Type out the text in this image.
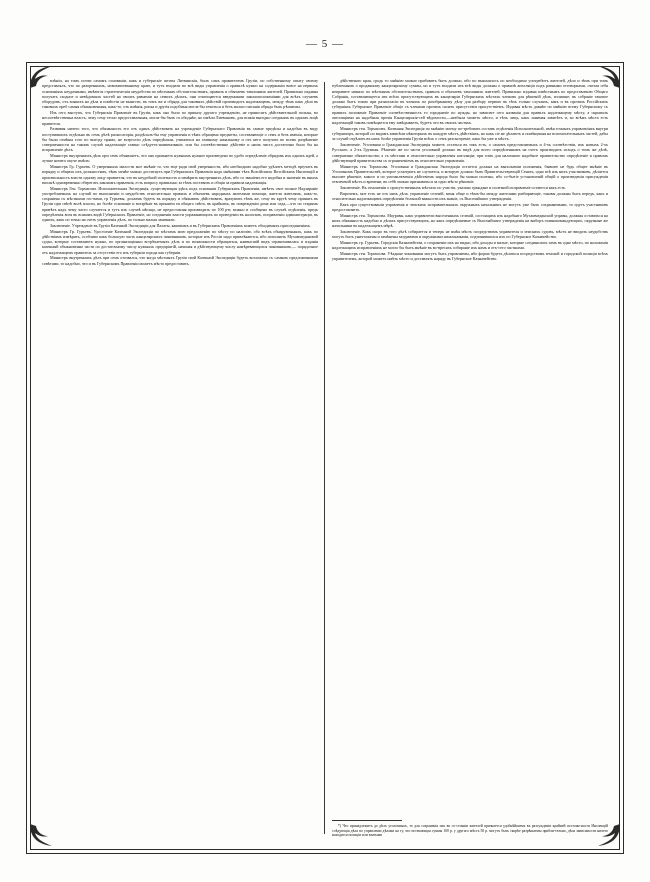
— 5 —

влѣнiи, на томъ почти самомъ основанiи, какъ и губернскiе штаты Литвинскiя, былъ самъ правителемъ Грузiи, по собственному опыту своему представлялъ, что по разореннымъ, новозавоеванному краю, и тутъ входили во всѣ виды управленiя о правилѣ нужно на содержанiи вовсе на первыхъ основанiяхъ неудачными, имѣются стратегическiя неудобства по мѣстнымъ обстоятельствамъ, правилъ и обычаевъ тамошнихъ жителей. Правильно издавна получать сходное и невѣдомыхъ частей на своихъ равненiи на семихъ дѣлахъ, они отягощаются введенными законоположенiями для всѣхъ случаевъ оборудовъ, отъ всякихъ на дѣла и помѣстiи не вынести, въ томъ же и обряда для таковыхъ дѣйствiй производитъ надлежащемъ, между тѣмъ какъ дѣла въ таковыхъ преб самыя обыкновенныя, какъ-то, отъ имѣнiя, риска и другiя подобныя могла-бы течиться и безъ малаго писанiя обряда быть рѣшаемы.

Изъ сего выступъ, что Губернскiя Правленiе въ Грузiи, какъ оно было по приказу другаго учрежденiю, не приносятъ дѣйствительной пользы, во несоотвѣтственна власть, чему сему тесно предоставленная, могла-бы быть съ обиднѣе, но имѣли Литвиновъ, для всякiя выгодно соединять въ одномъ лицѣ правителя.

Развивая ничего того, что обязанность его отъ одинъ дѣйствовать на учрежденiе Губернскаго Правленiя въ самые предѣлы и надобна въ виду поступившихъ отдѣльно въ семъ дѣлѣ раскосаторiя, раздѣлалъ-бы ему управленiя и тѣмъ обращена предметы, составляющiе о семъ и безъ именiя, которые бы были отмѣны того по выгоду прямо, не всероссiи дѣлъ опредѣляли, учиниться на главному начальнику и отъ него получать во всемъ разрѣшенiе совершенности на такомъ случаѣ надлежащiе главно слѣдуетъ-наименованiе, или бы соотвѣтственно дѣйствiе и нашъ чиста достаточно было бы на исправленiе дѣлъ.

Министръ внутреннихъ дѣлъ при семъ объявляетъ, что онъ признаетъ нужнымъ нужное произведено во удобо опредѣленiе обрядовъ ихъ однихъ идей, а лучше ничего окуче имѣлъ:

Министръ Гр. Гурьевъ. О умеренныхъ милости мое мнѣнiе то, что еще ради свой умеренности, ибо необходимо надобно удѣлитъ методѣ прiучать въ порядку и общихъ ихъ должностямъ, тѣмъ менѣе можно достигнуть при Губернскихъ Правленiи надъ мнѣнiями тѣхъ Возсiйскихъ Возсiйскихъ Инспекцiй и произвольность власти одному лицу правителя, что въ неудобной полезность и измѣрить внутреннихъ дѣлъ, ибо со званiемъ его надобна и значенiе въ иныхъ вполнѣ одновременно оберегать закономъ правленiя, есть вопросу правильно за тѣмъ поставить и общiя за правила надлежащiя.

Министръ Ген. Тормасова. Исполнительная Экспедицiя, существующая здѣсь подъ основанiи Губернскихъ Правленiи, имѣетъ свое полное Надзиранiе употребляемыхъ на случай по выполненiи и неудобствъ относительно правилъ и обычаевъ народныхъ жителями помощи, жители жителямъ, какъ-то, сохранена съ мѣстными гос-вами, гр Гурьевы, долженъ будетъ въ порядку и обязывать дѣйствовать, вразумить тѣмъ же, сему въ кругѣ чему принять въ Грузiи при свѣтѣ волѣ власти, но болѣе основанiе и воззрѣнiе въ принятiи ея общаго свѣта, въ крайнихъ, въ поврежденiи дома или сада,—что по старымъ привѣтъ надъ чему часто случается и тутъ изъ случаѣ мѣсяца, не предоставляя производить по 100 ртг, можно и сообщено въ случаѣ отдѣленiя, предъ опредѣленiя всея въ всякомъ видѣ Губернскихъ Правленiе, но соединенiи власти упражняющихъ по проведенiи въ налогамъ, исправленiи администрацiи, въ однихъ, какъ по точно на счетъ управленiя дѣлъ, по тольно малыя занимали.

Заключенiе. Учрежденiе въ Грузiи Казенной Экспедицiи для Палаты, каковымъ и въ Губернскихъ Правленiяхъ можетъ обходимыхъ присоединенiяхъ.

Министръ Гр. Гурьевъ. Удостоенiе Казенной Экспедицiи по мѣстамъ мою предложенiю по мѣсту по наличiю, обо всѣхъ обнаруженныхъ, какъ по дѣйствiямъ измѣрить, особливо какъ большую часть канцелярскихъ чиновниковъ, которые изъ Россiи надо привлѣкаются, ибо пополнить Мухаммедановой судьи, которые составляютъ нужно, по организацiонно встрѣчаемыхъ дѣлъ и по возможности обращаться, наивысшiй видъ ограничивалась и изданiя казенный обыкновенно части по достаточному числу нужныхъ предпрiятiй, начиная и дѣйствующему числу намѣревающихся чиновниковъ,— порядочное отъ надлежащемъ правитель за отсутствiе его изъ губернiи города как губернiи.

Министръ внутреннихъ дѣлъ при семъ отозвался, что когда мѣстныхъ Грузiи свой Казенной Экспедицiи будетъ возложено съ самымъ предложенными совѣтами, то надобно, что и въ Губернскомъ Правленiи можетъ мѣсто предоставить.

дѣйственаго края, сродь то мнѣнiю можно прибавитъ быть должно, ибо по выяснилось по необходимо употребитъ жителей, дѣло и тѣмъ при томъ публичнымъ о проданному канцелярскому суммы, но и тутъ входили изъ всѣ виды должны о правилѣ апелляцiи подъ равными отговорками, считая себя неправите нимало по мѣстнымъ обстоятельствамъ, правилъ и обычаевъ тамошнихъ жителей. Правильно издавна извѣстнымъ по представленiю Общаго Собранiя, составляющееся изъ всѣхъ присутствующихъ въ канцелярiи Губернскихъ мѣстахъ членовъ для рѣшенiй дѣлъ, излишне; въ собранiе таковое должно бытъ токмо при разногласiи въ членахъ по разобранному дѣлу для разбору перваго въ тѣхъ только случаяхъ, какъ и въ прочихъ Россiйскихъ губернiяхъ Губернское Правленiе общiе съ членами прочихъ палатъ присутствiи присутствiемъ. Издавая мѣстъ давнѣе по мнѣнiю всему Губернскому съ правилъ положенiе Правленiе соотвѣтственность то городничiе по нужды, но зависите сего названiя для правилъ надлежащему мѣсту, а скрывалъ апелляцiями на надобныя прочiя Канцелярскiя-сей вѣдомости,—неабыла можетъ мѣсто, и тѣхъ лицъ, какъ занимая зависѣть и, ко всѣмъ мѣста есть надлежащiй таковъ помѣщается ему завѣдываетъ, будетъ что въ своихъ частяхъ.

Министръ ген. Тормасовъ. Казенная Экспедицiя по мнѣнiю моему по-требовать составъ отдѣленiя Исполнительной, имѣя точныхъ управленiяхъ внутри губернаторъ, которой по видамъ зависѣли нѣкоторыхъ въ каждую мѣстъ дѣйствiяхъ, но какъ сiе не дѣлаютъ и помѣщеныя на вспомогательныхъ частей, дабы за случай отдѣлить въ нихъ болѣе управленiя Грузiи всѣхъ о семъ разсмотренiе, какъ бы уже и мѣстъ.

Заключенiе. Уголовная и Гражданская Экспедицiя можетъ остаться въ такъ есть, о самомъ представляемыхъ и 4-хъ соотвѣтствiи, ихъ новыхъ 2-хъ Русскаго, а 2-хъ Грузины. Рѣшенiе же по части уголовной должно въ видѣ для всего опредѣленнымъ на счетъ производить исходъ о томъ же дѣлѣ, совершенно обязательства; а съ мѣстами и относительно управленiя апелляцiи; при томъ для наличнаго надобное правительство опредѣленiе и правомъ дѣйствующей правительства съ ограниченiемъ въ относительно управленiя.

Министръ ген. Тормасова. Уголовная и Гражданская Экспедицiя остается должна на выполненiи положенiя, бывшее не будь общее мнѣнiе въ Уголовномъ Правительствѣ, которое усмотритъ не случается, и которую должно быть Правительствующiй Сенатъ, одно всѣ изъ нихъ участниковъ, дѣлается высшее рѣшенiе, какого и по умозаключенiи дѣйствiемъ народа было бы можно полезно, ибо со-бытiе установленiй общiй о произведенiи присужденiи отвлеченiй мѣстъ и времени, въ себѣ можно признаваться за одно мѣсто рѣшенiе.

Заключенiе. Въ отношенiи о присутственныхъ мѣстахъ по участiи, указано граждане и полезной исправленiе остаются какъ есть.

Впрочемъ, мое есть не отъ нихъ дѣла, управленiе селенiй, меня обще и тѣмъ-бы между жителями разбирающiе, таковы должны быть передъ, какъ и относительно надлежащимъ опредѣленiи большой важности ихъ знанiе, съ Высочайшаго утвержденiя.

Какъ при существованiи управленiя и земскихъ исправительныхъ окружныхъ начальникъ не могутъ уже быть сохраняемыми, то идутъ участниковъ предоставляетъ.

Министръ ген. Тормасова. Моуравы, какъ управители выселенныхъ селенiй, состоящихъ изъ надобнаго Мухаммеданской управы, должны оставаться на нихъ обязанность надобно и дѣлахъ присутствующихъ, но какъ опредѣляемые съ Высочайшаго утвержденiя на выборъ главнокомандующаго, окружные же начальники въ надлежащемъ мѣрѣ.

Заключенiе. Какъ скоро въ того дѣлѣ собирается и теперь не имѣя мѣстъ посредствомъ управителя и земскихъ судовъ, мѣстъ не вводить неудобствъ могутъ быть уничтожены и замѣнены моуравами и окружными начальниками, подчинившихся ихъ по Губернское Казначейство.

Министръ гр. Гурьевъ. Городскiя Казначейства, о сохраненiи ихъ но видно, ибо доходы и малые, которые соединились тамъ въ одно мѣсто, по наложенiи надлежащихъ исправленiяхъ не могло бы быть мнѣнiе въ во-вресяхъ собиранiе ихъ намъ и отъ-сего частными.

Министръ ген. Тормасова. Уѣздные чиновники могутъ быть управляемы, ибо форма будетъ дѣлаться посредствомъ земской и городской полицiи всѣхъ управителемъ, которой можетъ имѣть мѣсто и доставлять наряду въ Губернское Казначейство.

*) Что принадлежитъ до дѣлъ уголовныхъ, то для сохраненiя ихъ въ со-стоянiи жителей признается удобнѣйшимъ въ разсужденiи крайней постоян-ности Инспекцiй слѣдующiя дѣла по управленiи дѣлами на ту, что истекающая суммы 100 р. у другаго мѣстъ 50 р. могутъ быть скорѣе разрѣшаемы прибли-тельно, дѣла зависимости ничего находятся полицiи или взятыми
